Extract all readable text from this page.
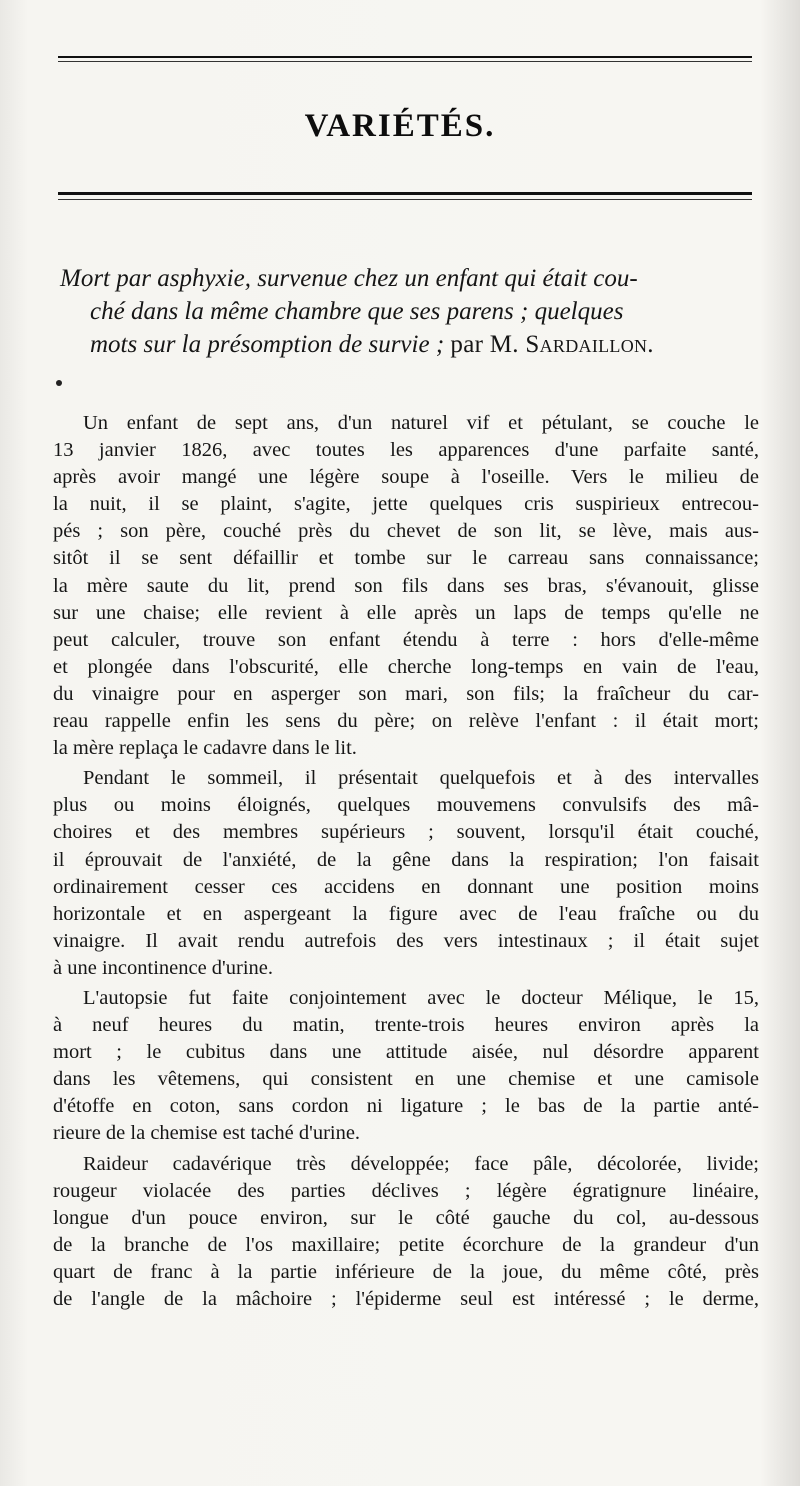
VARIÉTÉS.
Mort par asphyxie, survenue chez un enfant qui était cou-
ché dans la même chambre que ses parens ; quelques
mots sur la présomption de survie ; par M. Sardaillon.

Un enfant de sept ans, d'un naturel vif et pétulant, se couche le
13 janvier 1826, avec toutes les apparences d'une parfaite santé,
après avoir mangé une légère soupe à l'oseille. Vers le milieu de
la nuit, il se plaint, s'agite, jette quelques cris suspirieux entrecou-
pés ; son père, couché près du chevet de son lit, se lève, mais aus-
sitôt il se sent défaillir et tombe sur le carreau sans connaissance;
la mère saute du lit, prend son fils dans ses bras, s'évanouit, glisse
sur une chaise; elle revient à elle après un laps de temps qu'elle ne
peut calculer, trouve son enfant étendu à terre : hors d'elle-même
et plongée dans l'obscurité, elle cherche long-temps en vain de l'eau,
du vinaigre pour en asperger son mari, son fils; la fraîcheur du car-
reau rappelle enfin les sens du père; on relève l'enfant : il était mort;
la mère replaça le cadavre dans le lit.

Pendant le sommeil, il présentait quelquefois et à des intervalles
plus ou moins éloignés, quelques mouvemens convulsifs des mâ-
choires et des membres supérieurs ; souvent, lorsqu'il était couché,
il éprouvait de l'anxiété, de la gêne dans la respiration; l'on faisait
ordinairement cesser ces accidens en donnant une position moins
horizontale et en aspergeant la figure avec de l'eau fraîche ou du
vinaigre. Il avait rendu autrefois des vers intestinaux ; il était sujet
à une incontinence d'urine.

L'autopsie fut faite conjointement avec le docteur Mélique, le 15,
à neuf heures du matin, trente-trois heures environ après la
mort ; le cubitus dans une attitude aisée, nul désordre apparent
dans les vêtemens, qui consistent en une chemise et une camisole
d'étoffe en coton, sans cordon ni ligature ; le bas de la partie anté-
rieure de la chemise est taché d'urine.

Raideur cadavérique très développée; face pâle, décolorée, livide;
rougeur violacée des parties déclives ; légère égratignure linéaire,
longue d'un pouce environ, sur le côté gauche du col, au-dessous
de la branche de l'os maxillaire; petite écorchure de la grandeur d'un
quart de franc à la partie inférieure de la joue, du même côté, près
de l'angle de la mâchoire ; l'épiderme seul est intéressé ; le derme,
